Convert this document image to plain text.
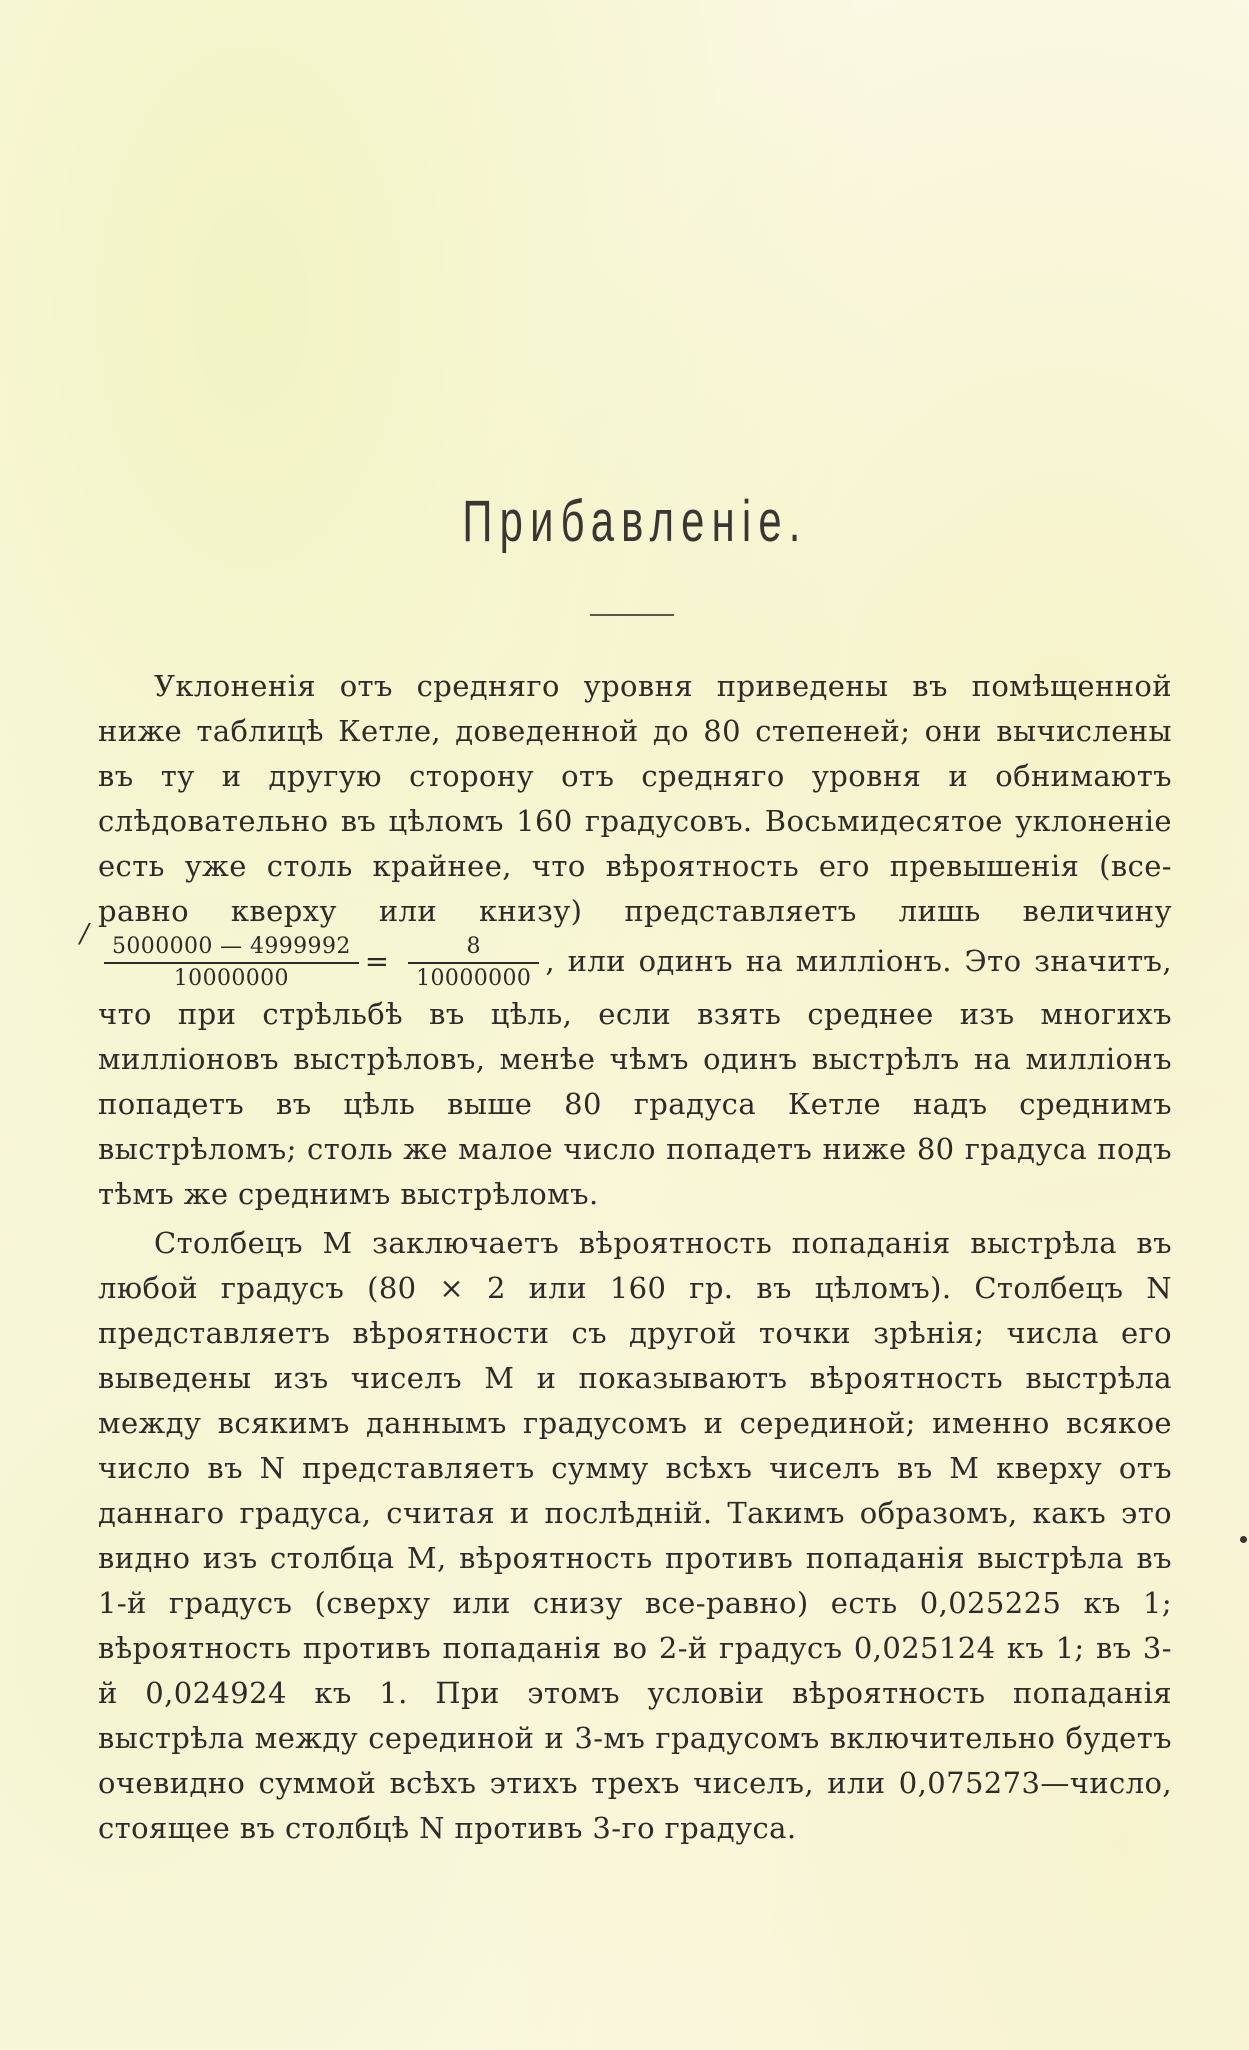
Прибавленіе.
/

Уклоненія отъ средняго уровня приведены въ помѣщенной ниже таблицѣ Кетле, доведенной до 80 степеней; они вычислены въ ту и другую сторону отъ средняго уровня и обнимаютъ слѣдовательно въ цѣломъ 160 градусовъ. Восьмидесятое уклоненіе есть уже столь крайнее, что вѣроятность его превышенія (все-равно кверху или книзу) представляетъ лишь величину
$\frac{5000000 — 4999992}{10000000} = \frac{8}{10000000}$ , или одинъ на милліонъ. Это значитъ, что при стрѣльбѣ въ цѣль, если взять среднее изъ многихъ милліоновъ выстрѣловъ, менѣе чѣмъ одинъ выстрѣлъ на милліонъ попадетъ въ цѣль выше 80 градуса Кетле надъ среднимъ выстрѣломъ; столь же малое число попадетъ ниже 80 градуса подъ тѣмъ же среднимъ выстрѣломъ.

Столбецъ M заключаетъ вѣроятность попаданія выстрѣла въ любой градусъ (80 × 2 или 160 гр. въ цѣломъ). Столбецъ N представляетъ вѣроятности съ другой точки зрѣнія; числа его выведены изъ чиселъ M и показываютъ вѣроятность выстрѣла между всякимъ даннымъ градусомъ и серединой; именно всякое число въ N представляетъ сумму всѣхъ чиселъ въ M кверху отъ даннаго градуса, считая и послѣдній. Такимъ образомъ, какъ это видно изъ столбца M, вѣроятность противъ попаданія выстрѣла въ 1-й градусъ (сверху или снизу все-равно) есть 0,025225 къ 1; вѣроятность противъ попаданія во 2-й градусъ 0,025124 къ 1; въ 3-й 0,024924 къ 1. При этомъ условіи вѣроятность попаданія выстрѣла между серединой и 3-мъ градусомъ включительно будетъ очевидно суммой всѣхъ этихъ трехъ чиселъ, или 0,075273—число, стоящее въ столбцѣ N противъ 3-го градуса.
